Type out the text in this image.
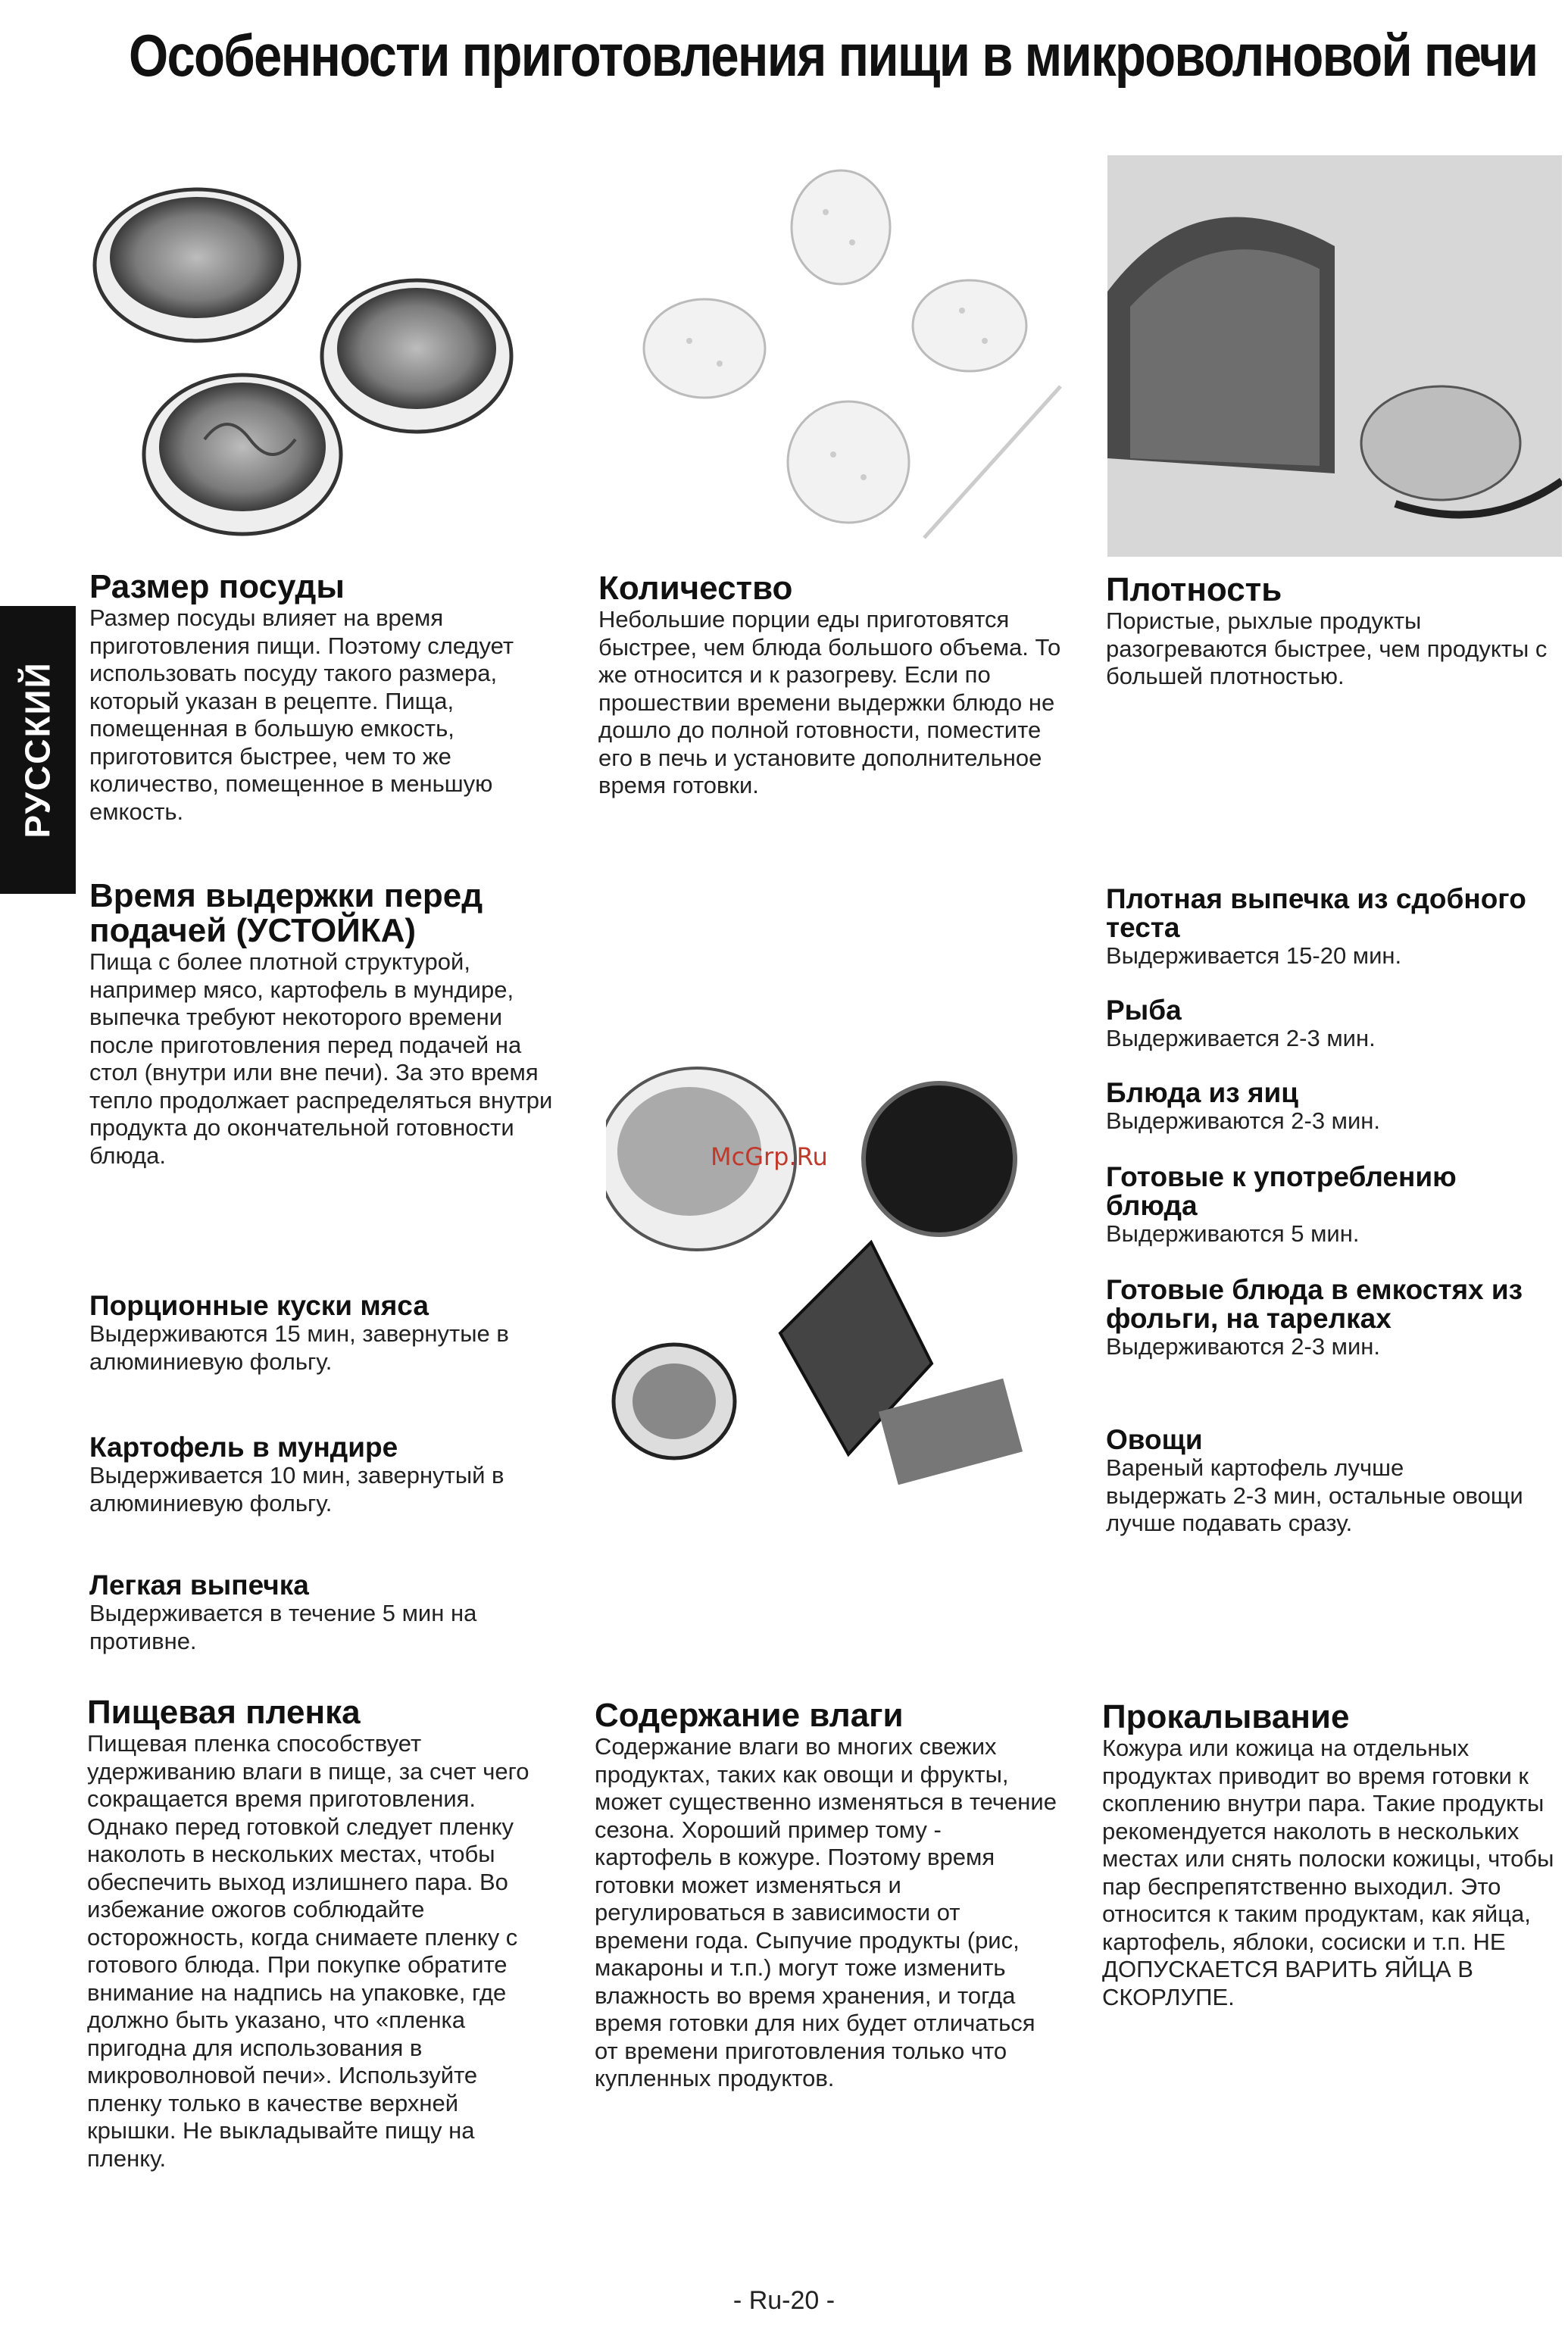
Особенности приготовления пищи в микроволновой печи
РУССКИЙ
McGrp.Ru

Размер посуды

Размер посуды влияет на время приготовления пищи. Поэтому следует использовать посуду такого размера, который указан в рецепте. Пища, помещенная в большую емкость, приготовится быстрее, чем то же количество, помещенное в меньшую емкость.

Количество

Небольшие порции еды приготовятся быстрее, чем блюда большого объема. То же относится и к разогреву. Если по прошествии времени выдержки блюдо не дошло до полной готовности, поместите его в печь и установите дополнительное время готовки.

Плотность

Пористые, рыхлые продукты разогреваются быстрее, чем продукты с большей плотностью.

Время выдержки перед подачей (УСТОЙКА)

Пища с более плотной структурой, например мясо, картофель в мундире, выпечка требуют некоторого времени после приготовления перед подачей на стол (внутри или вне печи). За это время тепло продолжает распределяться внутри продукта до окончательной готовности блюда.

Порционные куски мяса

Выдерживаются 15 мин, завернутые в алюминиевую фольгу.

Картофель в мундире

Выдерживается 10 мин, завернутый в алюминиевую фольгу.

Легкая выпечка

Выдерживается в течение 5 мин на противне.

Плотная выпечка из сдобного теста

Выдерживается 15-20 мин.

Рыба

Выдерживается 2-3 мин.

Блюда из яиц

Выдерживаются 2-3 мин.

Готовые к употреблению блюда

Выдерживаются 5 мин.

Готовые блюда в емкостях из фольги, на тарелках

Выдерживаются 2-3 мин.

Овощи

Вареный картофель лучше выдержать 2-3 мин, остальные овощи лучше подавать сразу.

Пищевая пленка

Пищевая пленка способствует удерживанию влаги в пище, за счет чего сокращается время приготовления. Однако перед готовкой следует пленку наколоть в нескольких местах, чтобы обеспечить выход излишнего пара. Во избежание ожогов соблюдайте осторожность, когда снимаете пленку с готового блюда. При покупке обратите внимание на надпись на упаковке, где должно быть указано, что «пленка пригодна для использования в микроволновой печи». Используйте пленку только в качестве верхней крышки. Не выкладывайте пищу на пленку.

Содержание влаги

Содержание влаги во многих свежих продуктах, таких как овощи и фрукты, может существенно изменяться в течение сезона. Хороший пример тому - картофель в кожуре. Поэтому время готовки может изменяться и регулироваться в зависимости от времени года. Сыпучие продукты (рис, макароны и т.п.) могут тоже изменить влажность во время хранения, и тогда время готовки для них будет отличаться от времени приготовления только что купленных продуктов.

Прокалывание

Кожура или кожица на отдельных продуктах приводит во время готовки к скоплению внутри пара. Такие продукты рекомендуется наколоть в нескольких местах или снять полоски кожицы, чтобы пар беспрепятственно выходил. Это относится к таким продуктам, как яйца, картофель, яблоки, сосиски и т.п. НЕ ДОПУСКАЕТСЯ ВАРИТЬ ЯЙЦА В СКОРЛУПЕ.

- Ru-20 -
